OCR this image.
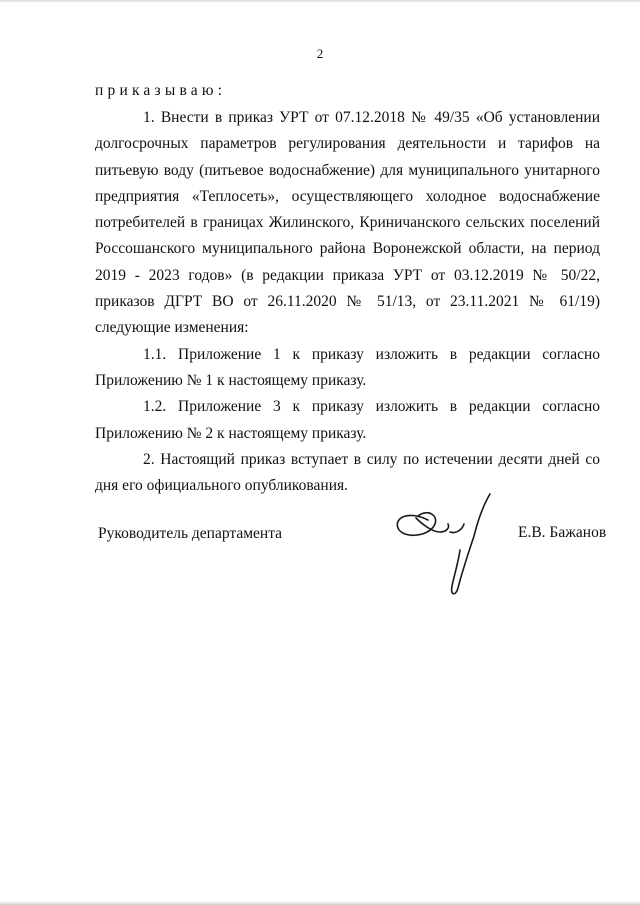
2
приказываю:

1. Внести в приказ УРТ от 07.12.2018 № 49/35 «Об установлении долгосрочных параметров регулирования деятельности и тарифов на питьевую воду (питьевое водоснабжение) для муниципального унитарного предприятия «Теплосеть», осуществляющего холодное водоснабжение потребителей в границах Жилинского, Криничанского сельских поселений Россошанского муниципального района Воронежской области, на период 2019 - 2023 годов» (в редакции приказа УРТ от 03.12.2019 № 50/22, приказов ДГРТ ВО от 26.11.2020 № 51/13, от 23.11.2021 № 61/19) следующие изменения:

1.1. Приложение 1 к приказу изложить в редакции согласно Приложению № 1 к настоящему приказу.

1.2. Приложение 3 к приказу изложить в редакции согласно Приложению № 2 к настоящему приказу.

2. Настоящий приказ вступает в силу по истечении десяти дней со дня его официального опубликования.

Руководитель департамента	Е.В. Бажанов
